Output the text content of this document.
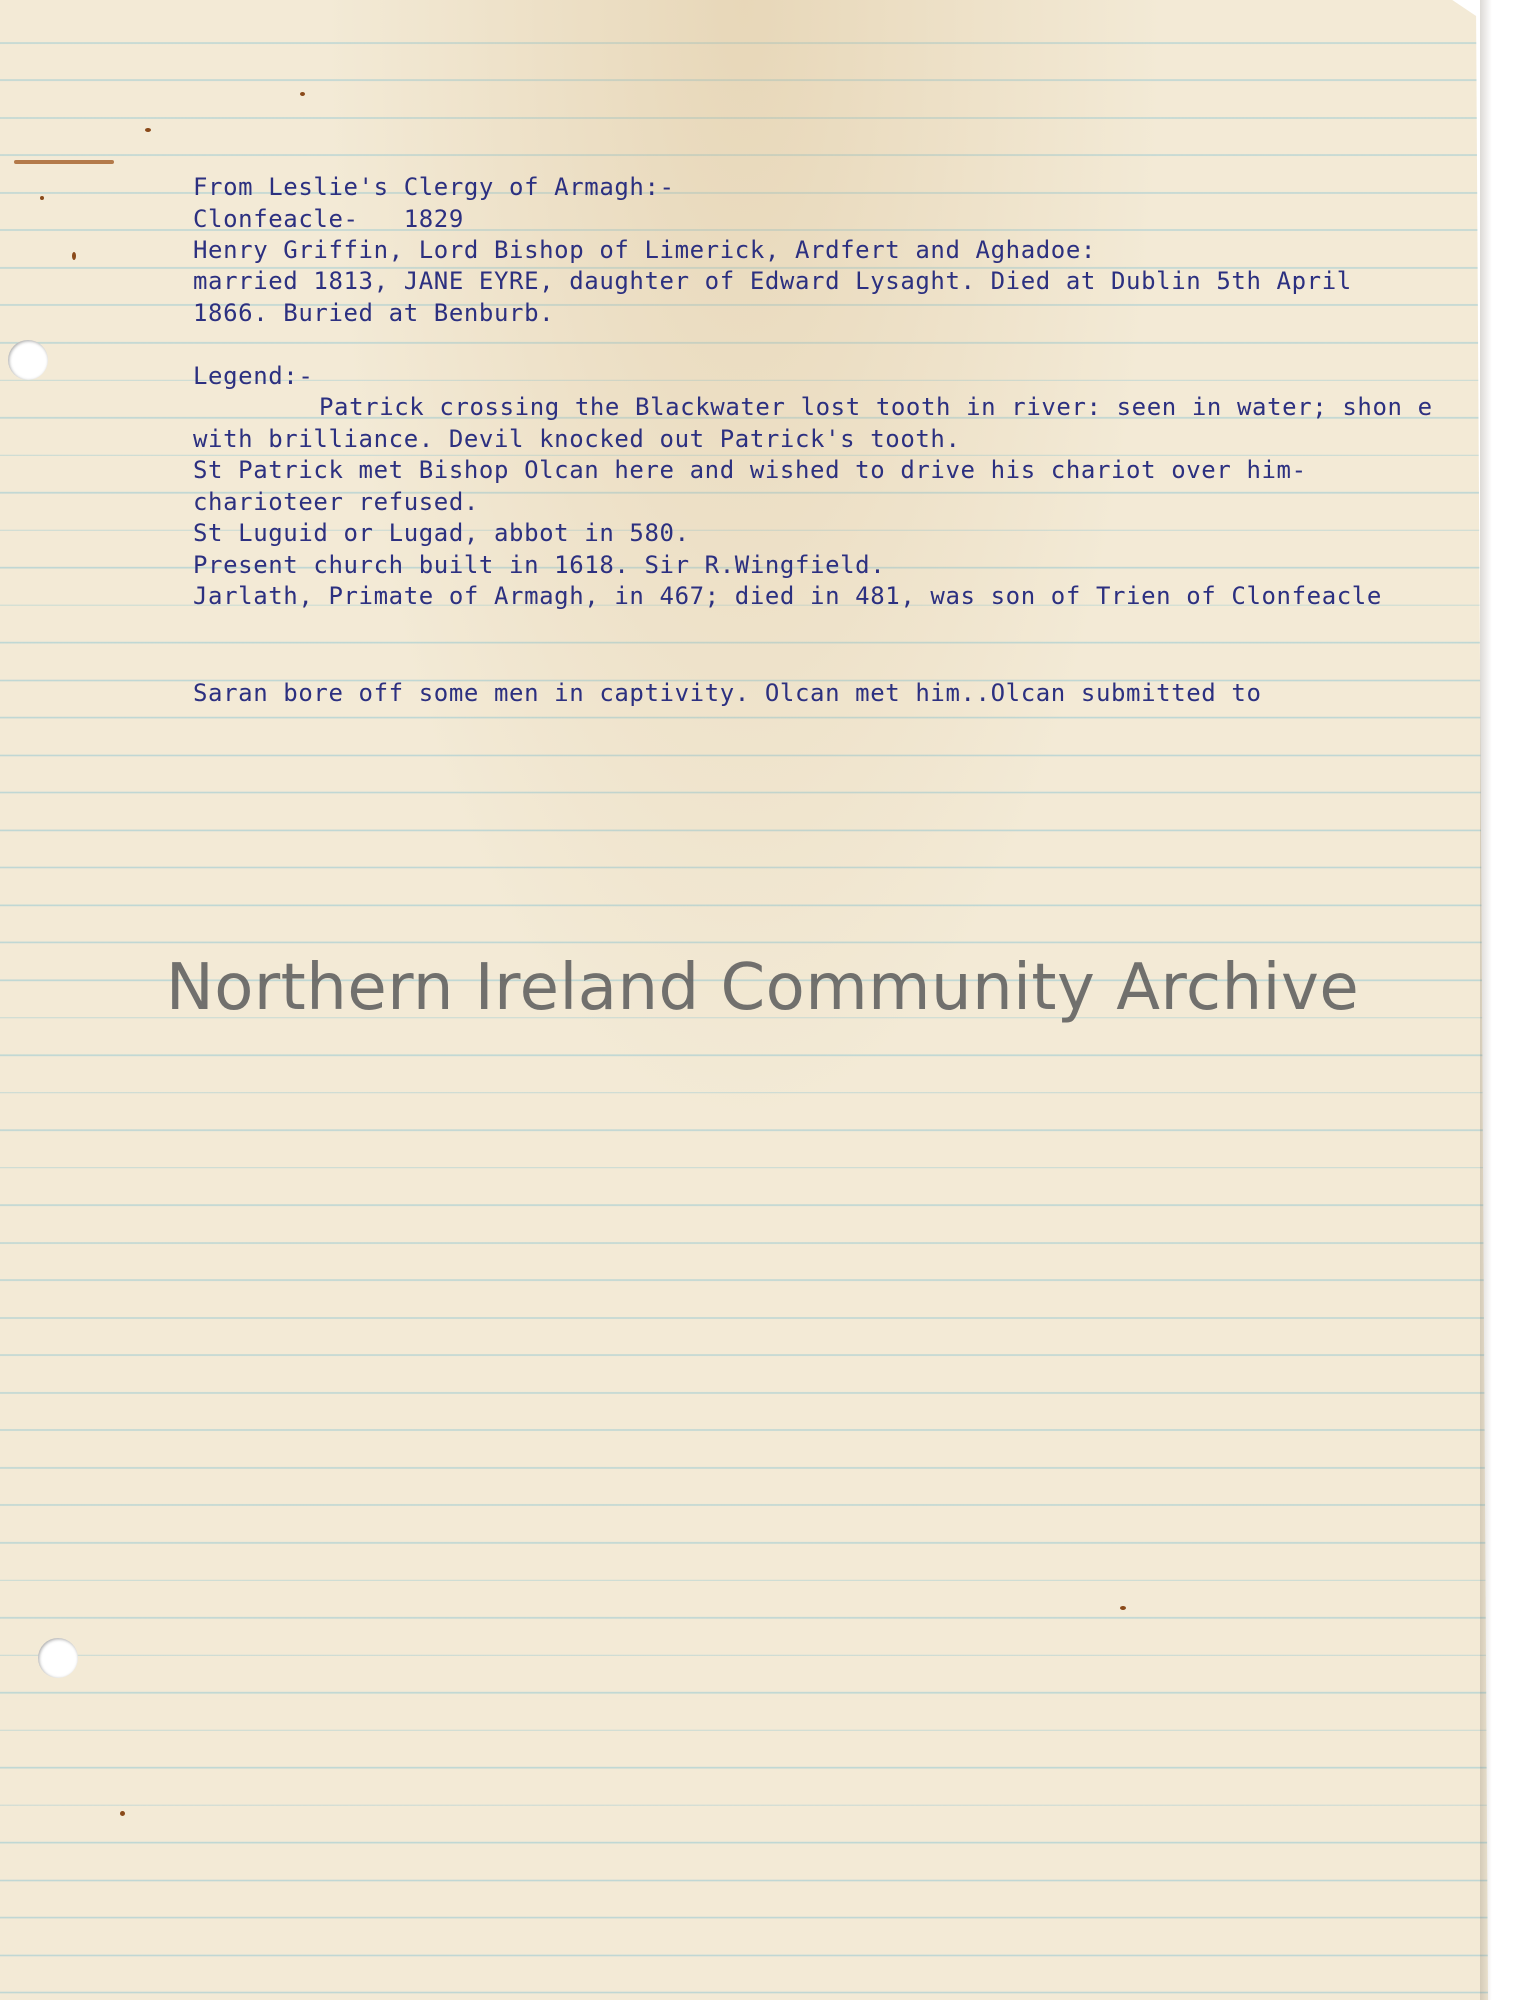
From Leslie's Clergy of Armagh:-
Clonfeacle-   1829
Henry Griffin, Lord Bishop of Limerick, Ardfert and Aghadoe:
married 1813, JANE EYRE, daughter of Edward Lysaght. Died at Dublin 5th April
1866. Buried at Benburb.
Legend:-
Patrick crossing the Blackwater lost tooth in river: seen in water; shon e
with brilliance. Devil knocked out Patrick's tooth.
St Patrick met Bishop Olcan here and wished to drive his chariot over him-
charioteer refused.
St Luguid or Lugad, abbot in 580.
Present church built in 1618. Sir R.Wingfield.
Jarlath, Primate of Armagh, in 467; died in 481, was son of Trien of Clonfeacle
Saran bore off some men in captivity. Olcan met him..Olcan submitted to
Northern Ireland Community Archive
